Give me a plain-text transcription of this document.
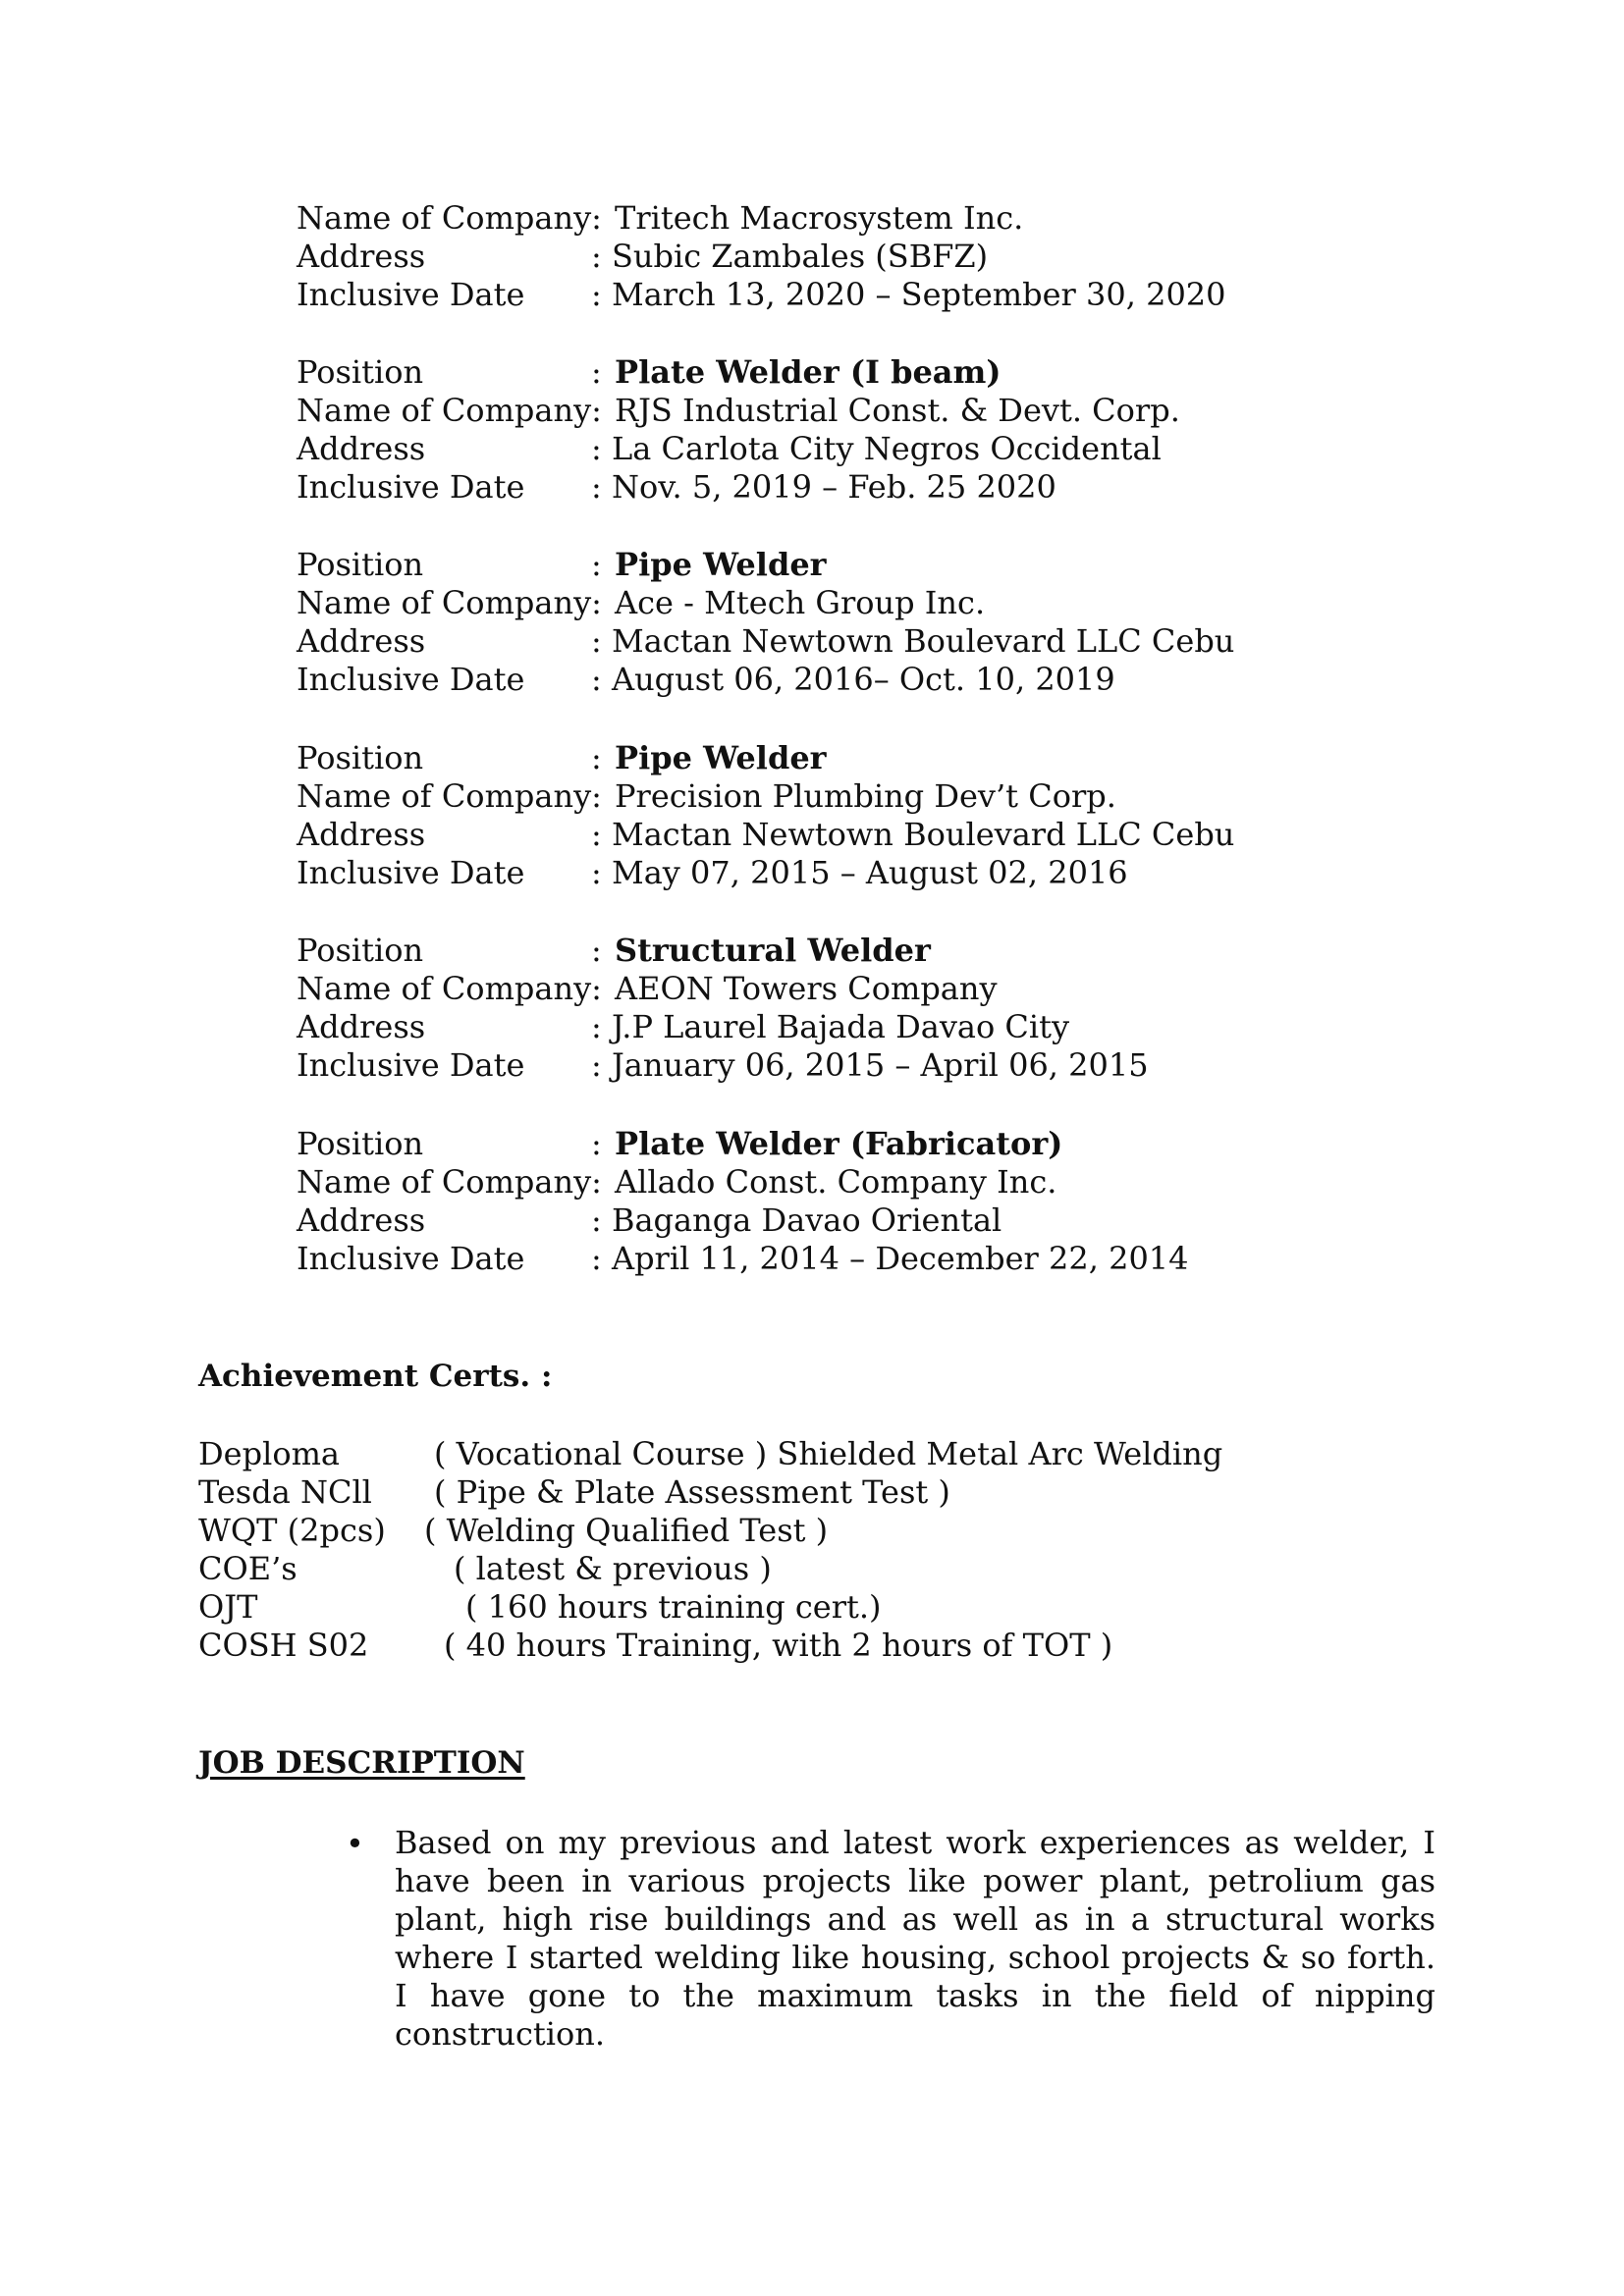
Name of Company: Tritech Macrosystem Inc.
Address	: Subic Zambales (SBFZ)
Inclusive Date : March 13, 2020 – September 30, 2020
Position	: Plate Welder (I beam)
Name of Company: RJS Industrial Const. & Devt. Corp.
Address	: La Carlota City Negros Occidental
Inclusive Date : Nov. 5, 2019 – Feb. 25 2020
Position	: Pipe Welder
Name of Company: Ace - Mtech Group Inc.
Address	: Mactan Newtown Boulevard LLC Cebu
Inclusive Date : August 06, 2016– Oct. 10, 2019
Position	: Pipe Welder
Name of Company: Precision Plumbing Dev’t Corp.
Address	: Mactan Newtown Boulevard LLC Cebu
Inclusive Date : May 07, 2015 – August 02, 2016
Position	: Structural Welder
Name of Company: AEON Towers Company
Address	: J.P Laurel Bajada Davao City
Inclusive Date : January 06, 2015 – April 06, 2015
Position	: Plate Welder (Fabricator)
Name of Company: Allado Const. Company Inc.
Address	: Baganga Davao Oriental
Inclusive Date : April 11, 2014 – December 22, 2014
Achievement Certs. :
Deploma	( Vocational Course ) Shielded Metal Arc Welding
Tesda NCll ( Pipe & Plate Assessment Test )
WQT (2pcs) ( Welding Qualified Test )
COE’s	( latest & previous )
OJT	( 160 hours training cert.)
COSH S02 ( 40 hours Training, with 2 hours of TOT )
JOB DESCRIPTION
• Based on my previous and latest work experiences as welder, I have been in various projects like power plant, petrolium gas plant, high rise buildings and as well as in a structural works where I started welding like housing, school projects & so forth. I have gone to the maximum tasks in the field of nipping construction.
